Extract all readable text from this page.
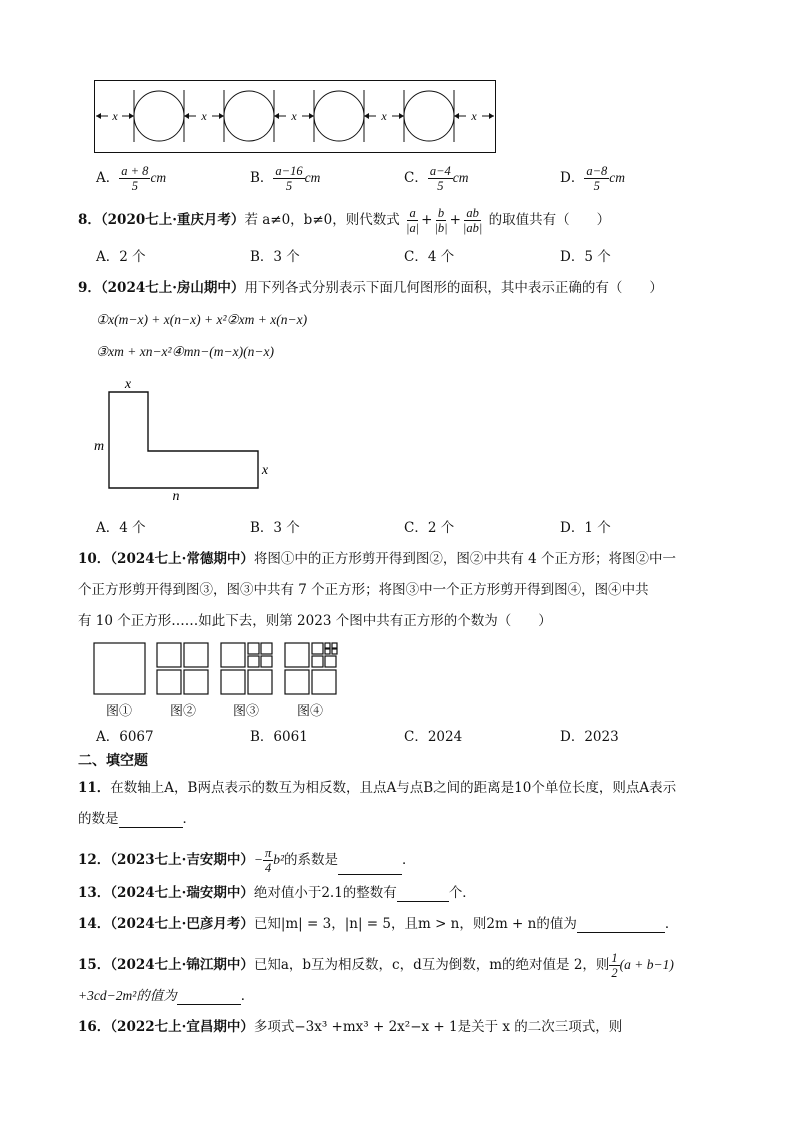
x	x	x	x	x
A． $\frac{a + 8}{5}$ cm	B． $\frac{a-16}{5}$ cm	C． $\frac{a-4}{5}$ cm	D． $\frac{a-8}{5}$ cm
8．（2020七上·重庆月考）若 a≠0，b≠0，则代数式 $\frac{a}{|a|} + \frac{b}{|b|} + \frac{ab}{|ab|}$ 的取值共有（　　）
A．2 个	B．3 个	C．4 个	D．5 个
9．（2024七上·房山期中）用下列各式分别表示下面几何图形的面积，其中表示正确的有（　　）
①x(m−x) + x(n−x) + x²②xm + x(n−x)
③xm + xn−x²④mn−(m−x)(n−x)
x
m
x
n
A．4 个	B．3 个	C．2 个	D．1 个
10．（2024七上·常德期中）将图①中的正方形剪开得到图②，图②中共有 4 个正方形；将图②中一
个正方形剪开得到图③，图③中共有 7 个正方形；将图③中一个正方形剪开得到图④，图④中共
有 10 个正方形……如此下去，则第 2023 个图中共有正方形的个数为（　　）
图①	图②	图③	图④
A．6067	B．6061	C．2024	D．2023
二、填空题
11．在数轴上A，B两点表示的数互为相反数，且点A与点B之间的距离是10个单位长度，则点A表示
的数是	．
12．（2023七上·吉安期中）− $\frac{\pi}{4} b^2$的系数是	．
13．（2024七上·瑞安期中）绝对值小于2.1的整数有	个．
14．（2024七上·巴彦月考）已知|m| = 3，|n| = 5，且m > n，则2m + n的值为	．
15．（2024七上·锦江期中）已知a，b互为相反数，c，d互为倒数，m的绝对值是 2，则 $\frac{1}{2} (a + b-1)$
+3cd−2m²的值为	．
16．（2022七上·宜昌期中）多项式−3x³ +mx³ + 2x²−x + 1是关于 x 的二次三项式，则
